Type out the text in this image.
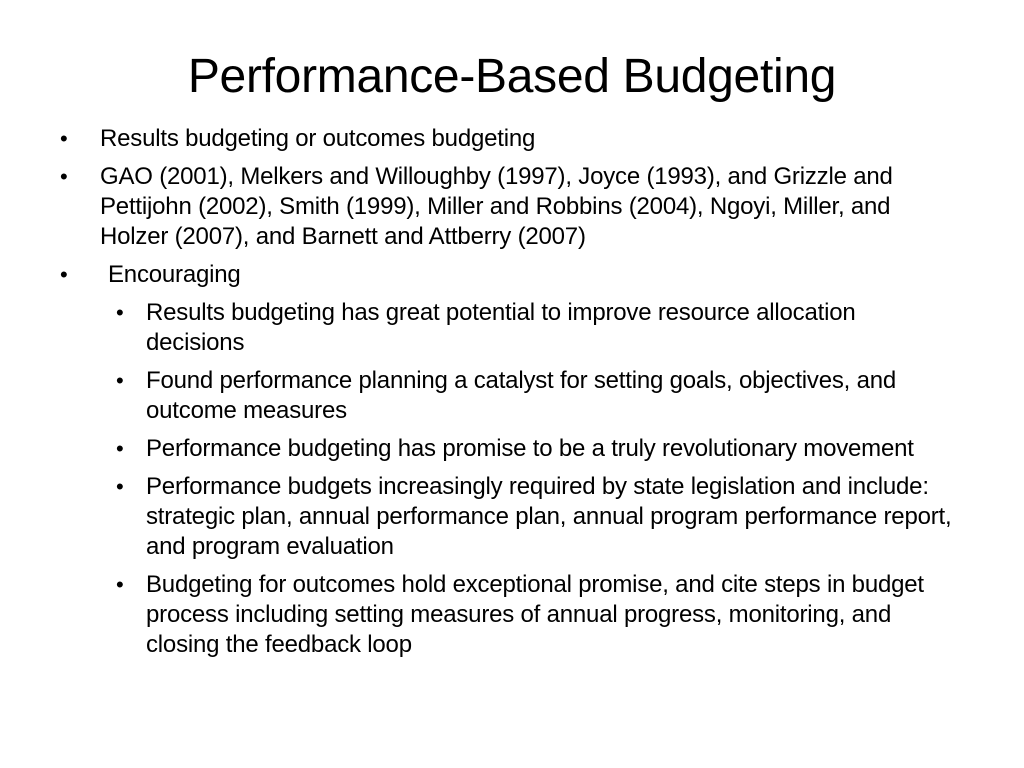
Performance-Based Budgeting
• Results budgeting or outcomes budgeting
• GAO (2001), Melkers and Willoughby (1997), Joyce (1993), and Grizzle and Pettijohn (2002), Smith (1999), Miller and Robbins (2004), Ngoyi, Miller, and Holzer (2007), and Barnett and Attberry (2007)
• Encouraging
• Results budgeting has great potential to improve resource allocation decisions
• Found performance planning a catalyst for setting goals, objectives, and outcome measures
• Performance budgeting has promise to be a truly revolutionary movement
• Performance budgets increasingly required by state legislation and include: strategic plan, annual performance plan, annual program performance report, and program evaluation
• Budgeting for outcomes hold exceptional promise, and cite steps in budget process including setting measures of annual progress, monitoring, and closing the feedback loop
